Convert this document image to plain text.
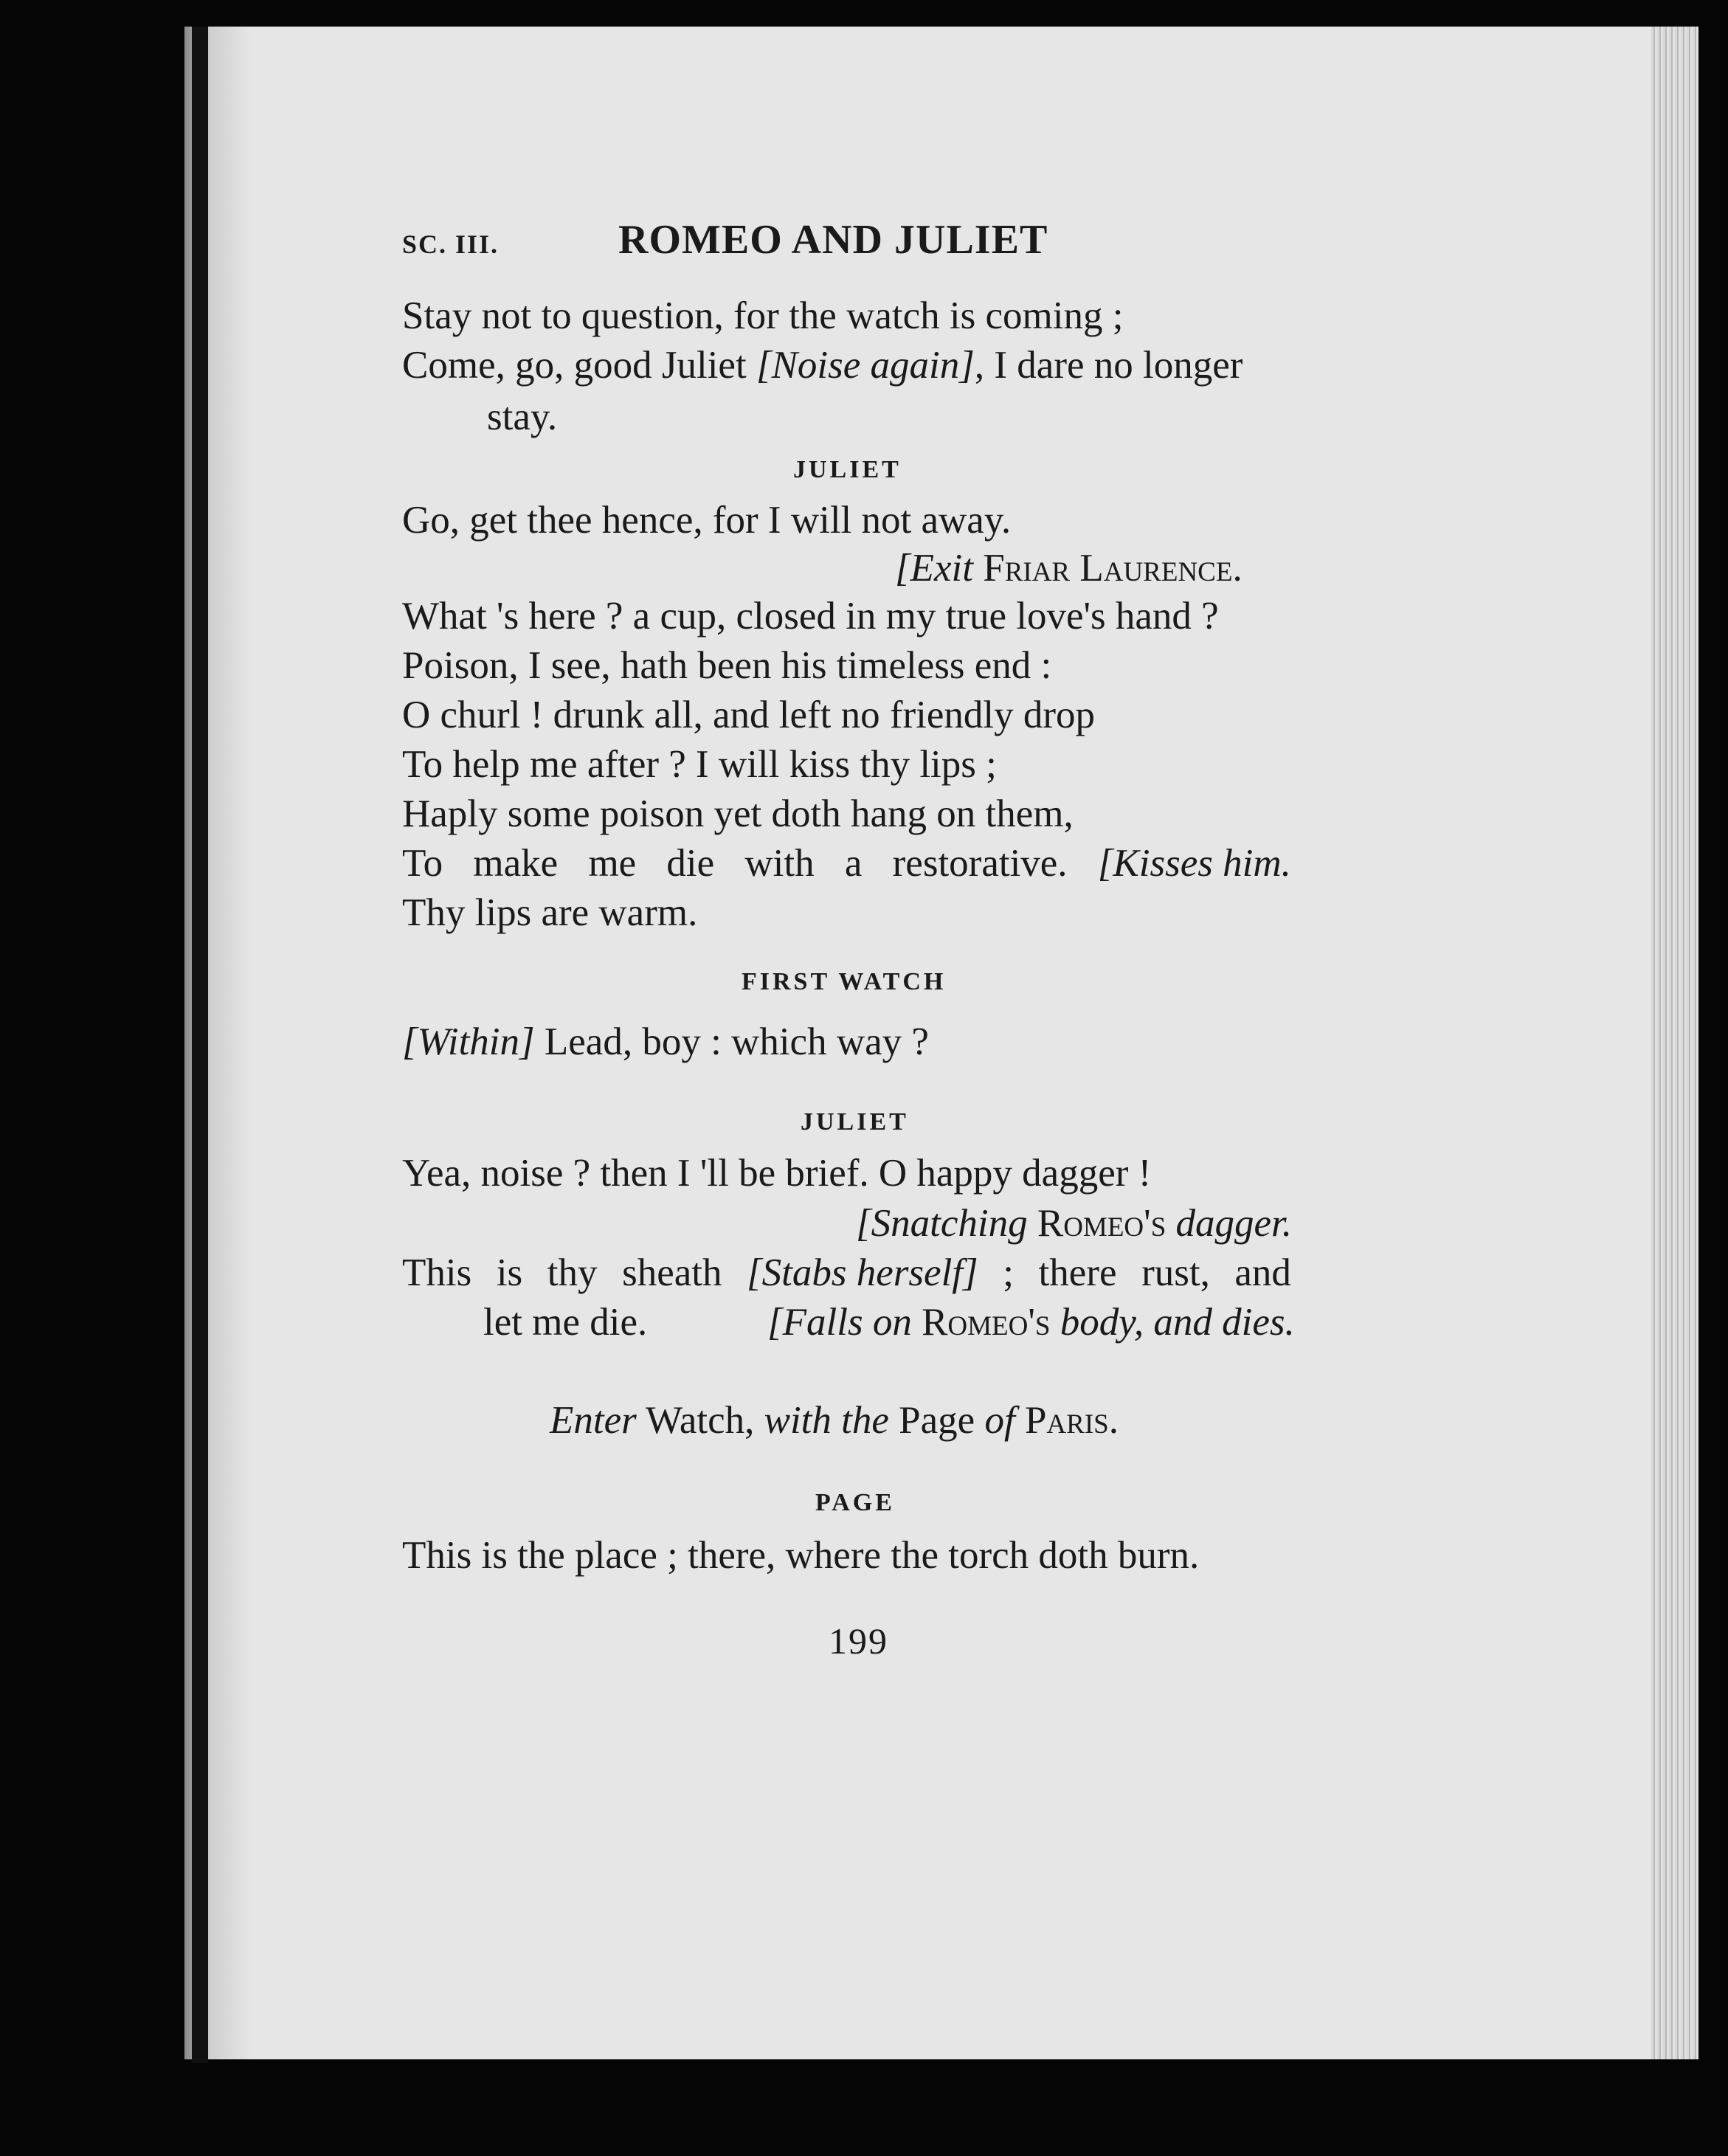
SC. III.	ROMEO AND JULIET
Stay not to question, for the watch is coming ;
Come, go, good Juliet [Noise again], I dare no longer
stay.
JULIET
Go, get thee hence, for I will not away.
[Exit Friar Laurence.
What 's here ? a cup, closed in my true love's hand ?
Poison, I see, hath been his timeless end :
O churl ! drunk all, and left no friendly drop
To help me after ? I will kiss thy lips ;
Haply some poison yet doth hang on them,
To make me die with a restorative. [Kisses him.
Thy lips are warm.
FIRST WATCH
[Within] Lead, boy : which way ?
JULIET
Yea, noise ? then I 'll be brief. O happy dagger !
[Snatching Romeo's dagger.
This is thy sheath [Stabs herself] ; there rust, and
let me die.	[Falls on Romeo's body, and dies.
Enter Watch, with the Page of Paris.
PAGE
This is the place ; there, where the torch doth burn.
199
